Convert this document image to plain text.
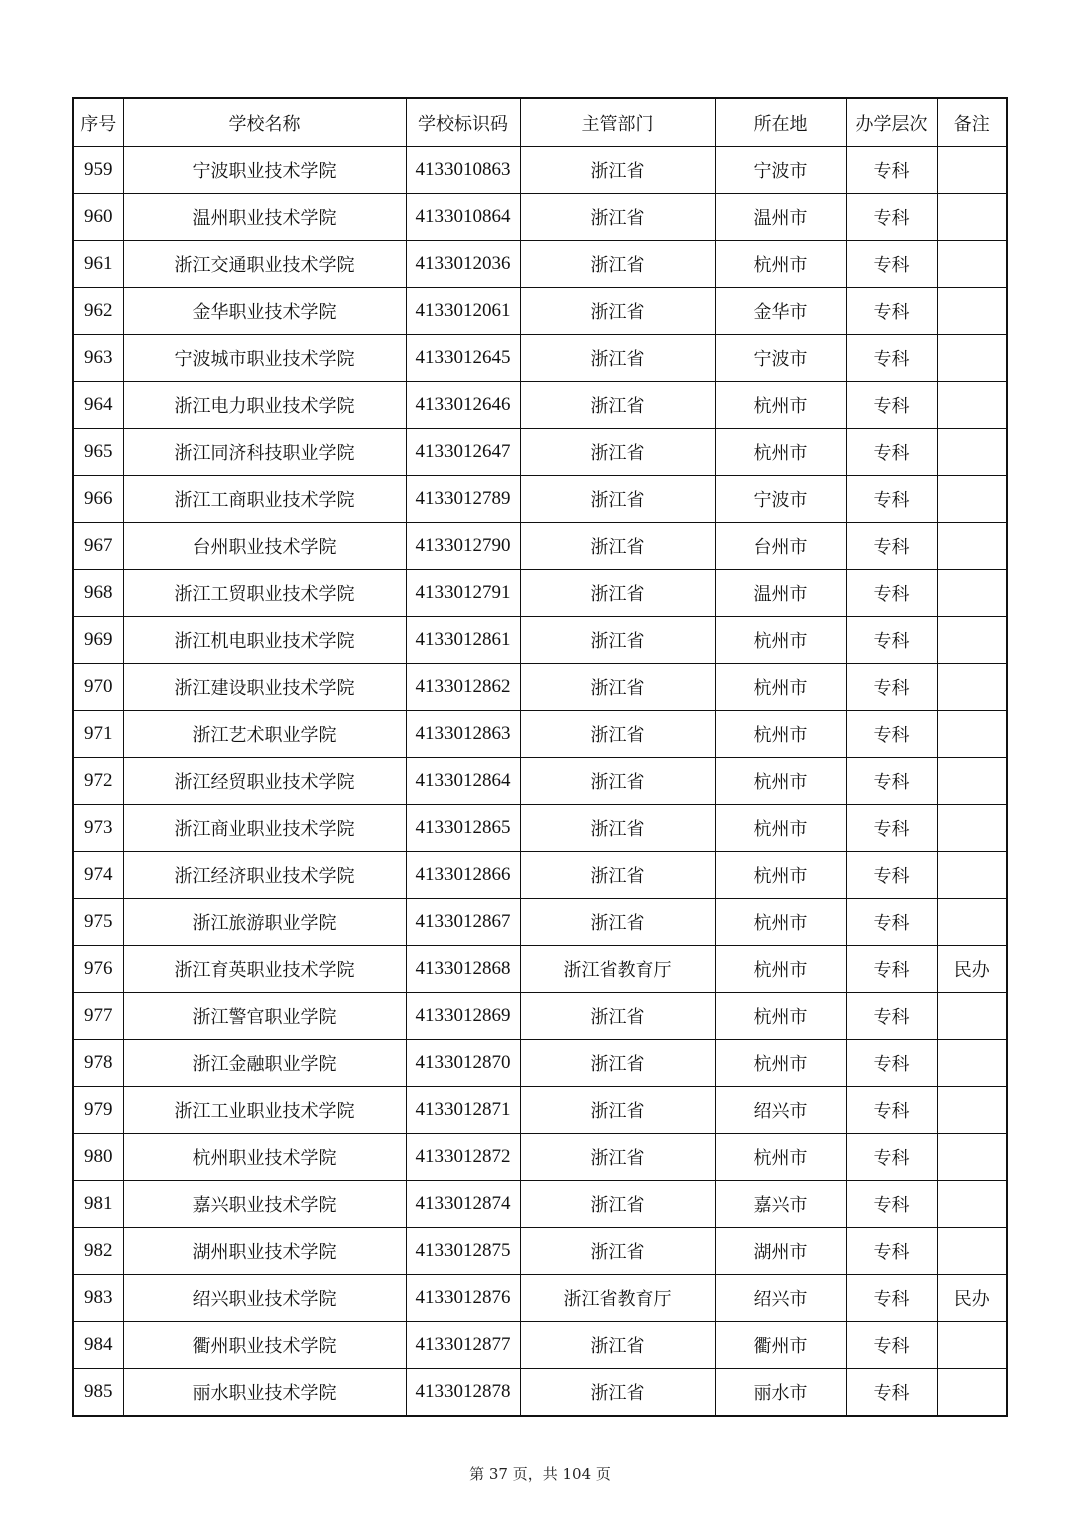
序号	学校名称	学校标识码	主管部门	所在地	办学层次	备注
959	宁波职业技术学院	4133010863	浙江省	宁波市	专科	
960	温州职业技术学院	4133010864	浙江省	温州市	专科	
961	浙江交通职业技术学院	4133012036	浙江省	杭州市	专科	
962	金华职业技术学院	4133012061	浙江省	金华市	专科	
963	宁波城市职业技术学院	4133012645	浙江省	宁波市	专科	
964	浙江电力职业技术学院	4133012646	浙江省	杭州市	专科	
965	浙江同济科技职业学院	4133012647	浙江省	杭州市	专科	
966	浙江工商职业技术学院	4133012789	浙江省	宁波市	专科	
967	台州职业技术学院	4133012790	浙江省	台州市	专科	
968	浙江工贸职业技术学院	4133012791	浙江省	温州市	专科	
969	浙江机电职业技术学院	4133012861	浙江省	杭州市	专科	
970	浙江建设职业技术学院	4133012862	浙江省	杭州市	专科	
971	浙江艺术职业学院	4133012863	浙江省	杭州市	专科	
972	浙江经贸职业技术学院	4133012864	浙江省	杭州市	专科	
973	浙江商业职业技术学院	4133012865	浙江省	杭州市	专科	
974	浙江经济职业技术学院	4133012866	浙江省	杭州市	专科	
975	浙江旅游职业学院	4133012867	浙江省	杭州市	专科	
976	浙江育英职业技术学院	4133012868	浙江省教育厅	杭州市	专科	民办
977	浙江警官职业学院	4133012869	浙江省	杭州市	专科	
978	浙江金融职业学院	4133012870	浙江省	杭州市	专科	
979	浙江工业职业技术学院	4133012871	浙江省	绍兴市	专科	
980	杭州职业技术学院	4133012872	浙江省	杭州市	专科	
981	嘉兴职业技术学院	4133012874	浙江省	嘉兴市	专科	
982	湖州职业技术学院	4133012875	浙江省	湖州市	专科	
983	绍兴职业技术学院	4133012876	浙江省教育厅	绍兴市	专科	民办
984	衢州职业技术学院	4133012877	浙江省	衢州市	专科	
985	丽水职业技术学院	4133012878	浙江省	丽水市	专科	
第 37 页，共 104 页
